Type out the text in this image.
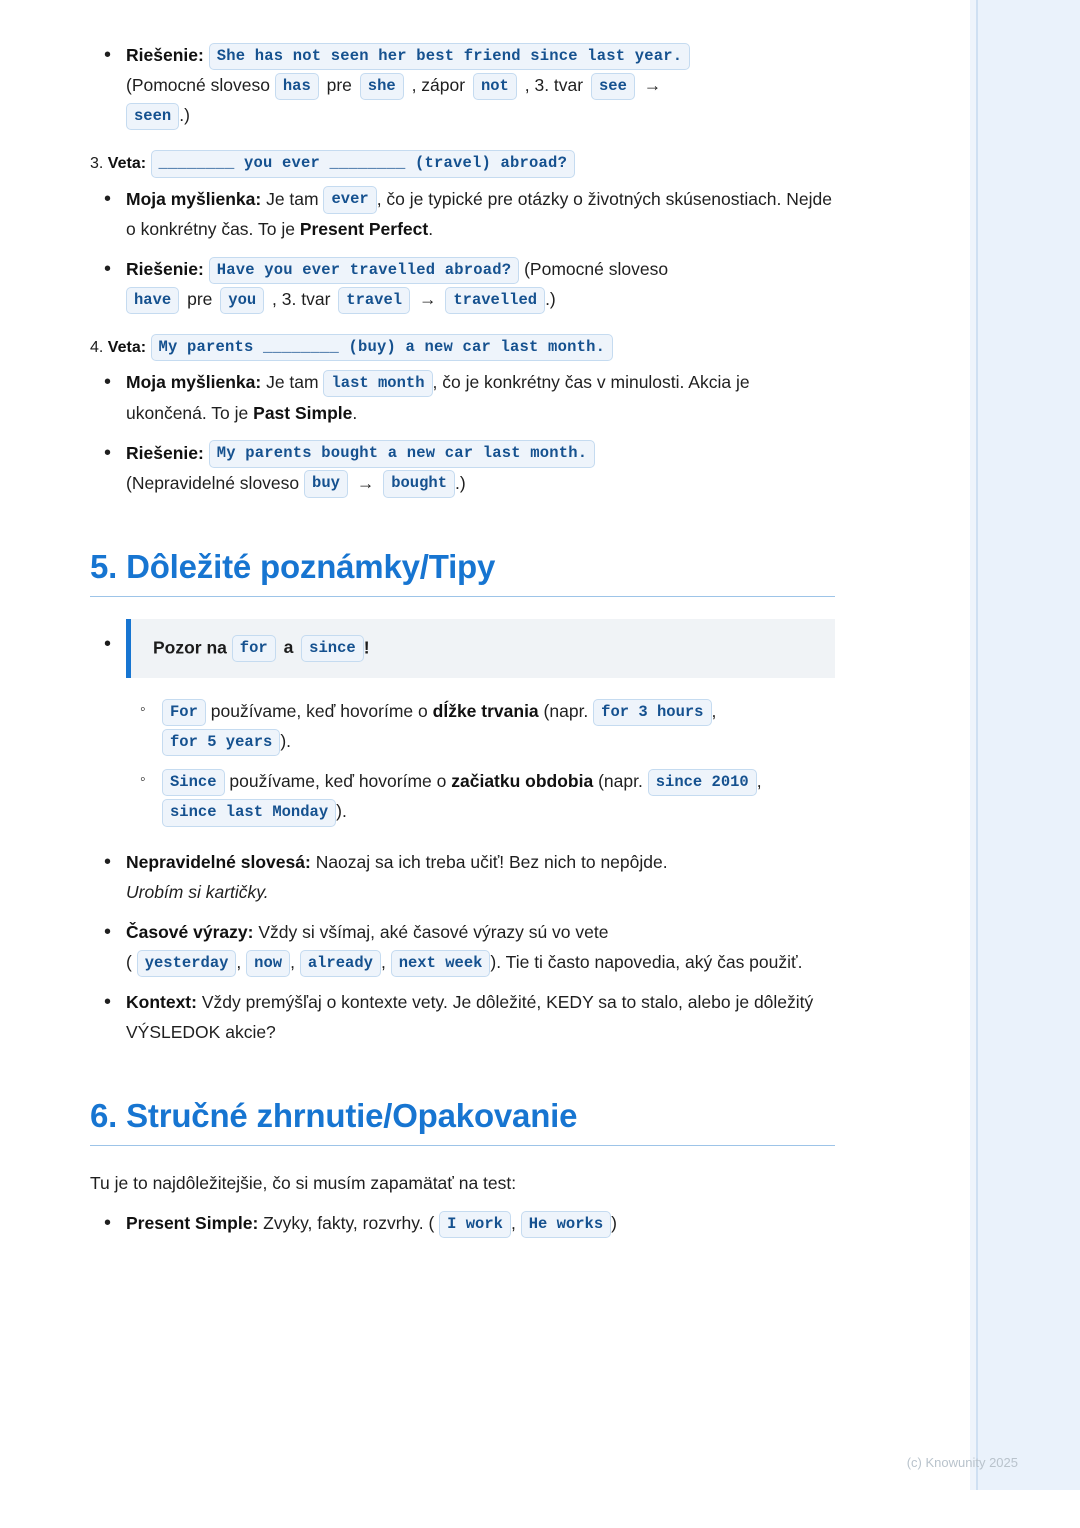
• Riešenie: She has not seen her best friend since last year.
(Pomocné sloveso has pre she , zápor not , 3. tvar see →
seen .)
3. Veta: ________ you ever ________ (travel) abroad?
• Moja myšlienka: Je tam ever , čo je typické pre otázky o životných skúsenostiach. Nejde o konkrétny čas. To je Present Perfect.
• Riešenie: Have you ever travelled abroad? (Pomocné sloveso
have pre you , 3. tvar travel → travelled .)
4. Veta: My parents ________ (buy) a new car last month.
• Moja myšlienka: Je tam last month , čo je konkrétny čas v minulosti. Akcia je ukončená. To je Past Simple.
• Riešenie: My parents bought a new car last month.
(Nepravidelné sloveso buy → bought .)
5. Dôležité poznámky/Tipy
•	Pozor na for a since !
◦ For používame, keď hovoríme o dĺžke trvania (napr. for 3 hours , for 5 years ).
◦ Since používame, keď hovoríme o začiatku obdobia (napr. since 2010 , since last Monday ).
• Nepravidelné slovesá: Naozaj sa ich treba učiť! Bez nich to nepôjde.
Urobím si kartičky.
• Časové výrazy: Vždy si všímaj, aké časové výrazy sú vo vete
( yesterday , now , already , next week ). Tie ti často napovedia, aký čas použiť.
• Kontext: Vždy premýšľaj o kontexte vety. Je dôležité, KEDY sa to stalo, alebo je dôležitý VÝSLEDOK akcie?
6. Stručné zhrnutie/Opakovanie
Tu je to najdôležitejšie, čo si musím zapamätať na test:
• Present Simple: Zvyky, fakty, rozvrhy. ( I work , He works )
(c) Knowunity 2025
